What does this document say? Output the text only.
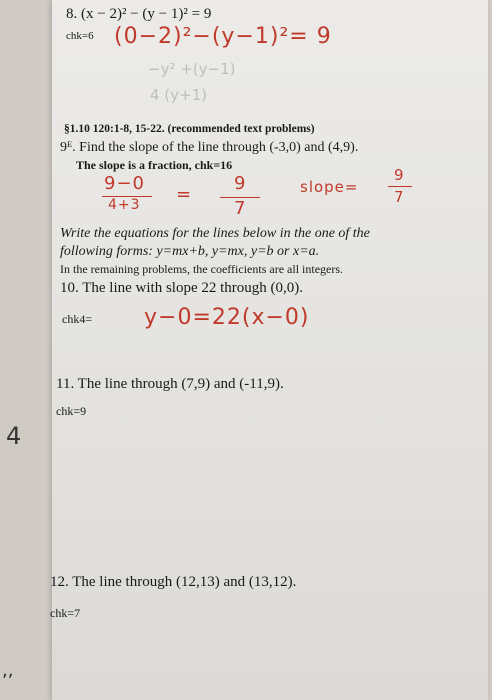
4
,,
8. (x − 2)² − (y − 1)² = 9
chk=6 (0−2)²−(y−1)²= 9
−y² +(y−1)
4 (y+1)
§1.10 120:1-8, 15-22. (recommended text problems)
9ᴱ. Find the slope of the line through (-3,0) and (4,9).
The slope is a fraction, chk=16
9−0
4+3 =
9
7
slope=
9
7
Write the equations for the lines below in the one of the
following forms: y=mx+b, y=mx, y=b or x=a.
In the remaining problems, the coefficients are all integers.
10. The line with slope 22 through (0,0).
chk4= y−0=22(x−0)
11. The line through (7,9) and (-11,9).
chk=9
12. The line through (12,13) and (13,12).
chk=7
